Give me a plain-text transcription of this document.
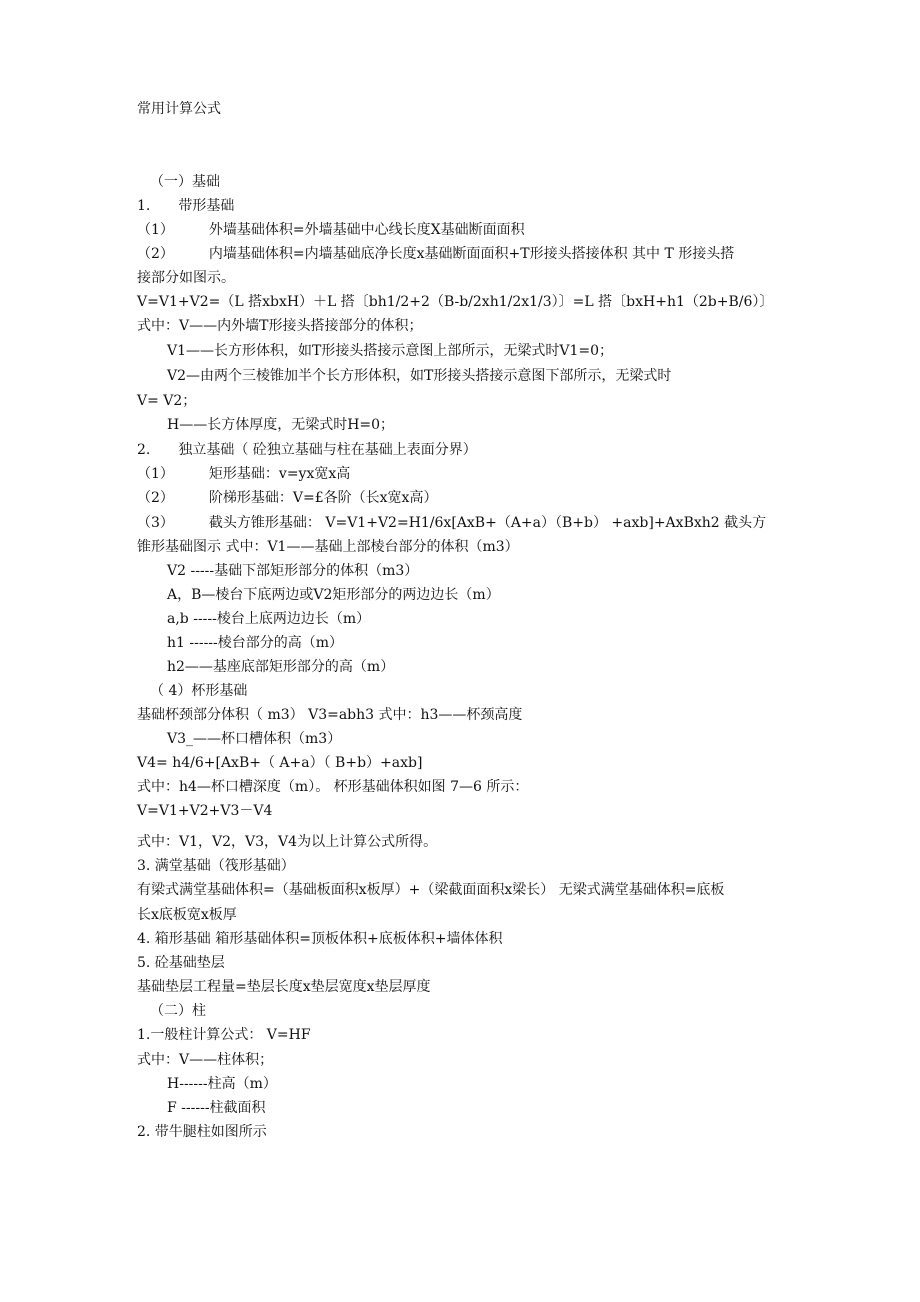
常用计算公式
（一）基础
1.　　带形基础
（1）　　　外墙基础体积=外墙基础中心线长度X基础断面面积
（2）　　　内墙基础体积=内墙基础底净长度x基础断面面积+T形接头搭接体积 其中 T 形接头搭
接部分如图示。
V=V1+V2=（L 搭xbxH）＋L 搭〔bh1/2+2（B-b/2xh1/2x1/3）〕=L 搭〔bxH+h1（2b+B/6）〕
式中：V——内外墙T形接头搭接部分的体积；
V1——长方形体积，如T形接头搭接示意图上部所示，无梁式时V1=0；
V2—由两个三棱锥加半个长方形体积，如T形接头搭接示意图下部所示，无梁式时
V= V2；
H——长方体厚度，无梁式时H=0；
2.　　独立基础（ 砼独立基础与柱在基础上表面分界）
（1）　　　矩形基础：v=yx宽x高
（2）　　　阶梯形基础：V=£各阶（长x宽x高）
（3）　　　截头方锥形基础： V=V1+V2=H1/6x[AxB+（A+a）（B+b） +axb]+AxBxh2 截头方
锥形基础图示 式中：V1——基础上部棱台部分的体积（m3）
V2 -----基础下部矩形部分的体积（m3）
A，B—棱台下底两边或V2矩形部分的两边边长（m）
a,b -----棱台上底两边边长（m）
h1 ------棱台部分的高（m）
h2——基座底部矩形部分的高（m）
（ 4）杯形基础
基础杯颈部分体积（ m3） V3=abh3 式中：h3——杯颈高度
V3_——杯口槽体积（m3）
V4= h4/6+[AxB+（ A+a）（ B+b）+axb]
式中：h4—杯口槽深度（m）。 杯形基础体积如图 7—6 所示：
V=V1+V2+V3－V4
式中：V1，V2，V3，V4为以上计算公式所得。
3. 满堂基础（筏形基础）
有梁式满堂基础体积=（基础板面积x板厚）+（梁截面面积x梁长） 无梁式满堂基础体积=底板
长x底板宽x板厚
4. 箱形基础 箱形基础体积=顶板体积+底板体积+墙体体积
5. 砼基础垫层
基础垫层工程量=垫层长度x垫层宽度x垫层厚度
（二）柱
1.一般柱计算公式： V=HF
式中：V——柱体积；
H------柱高（m）
F ------柱截面积
2. 带牛腿柱如图所示
